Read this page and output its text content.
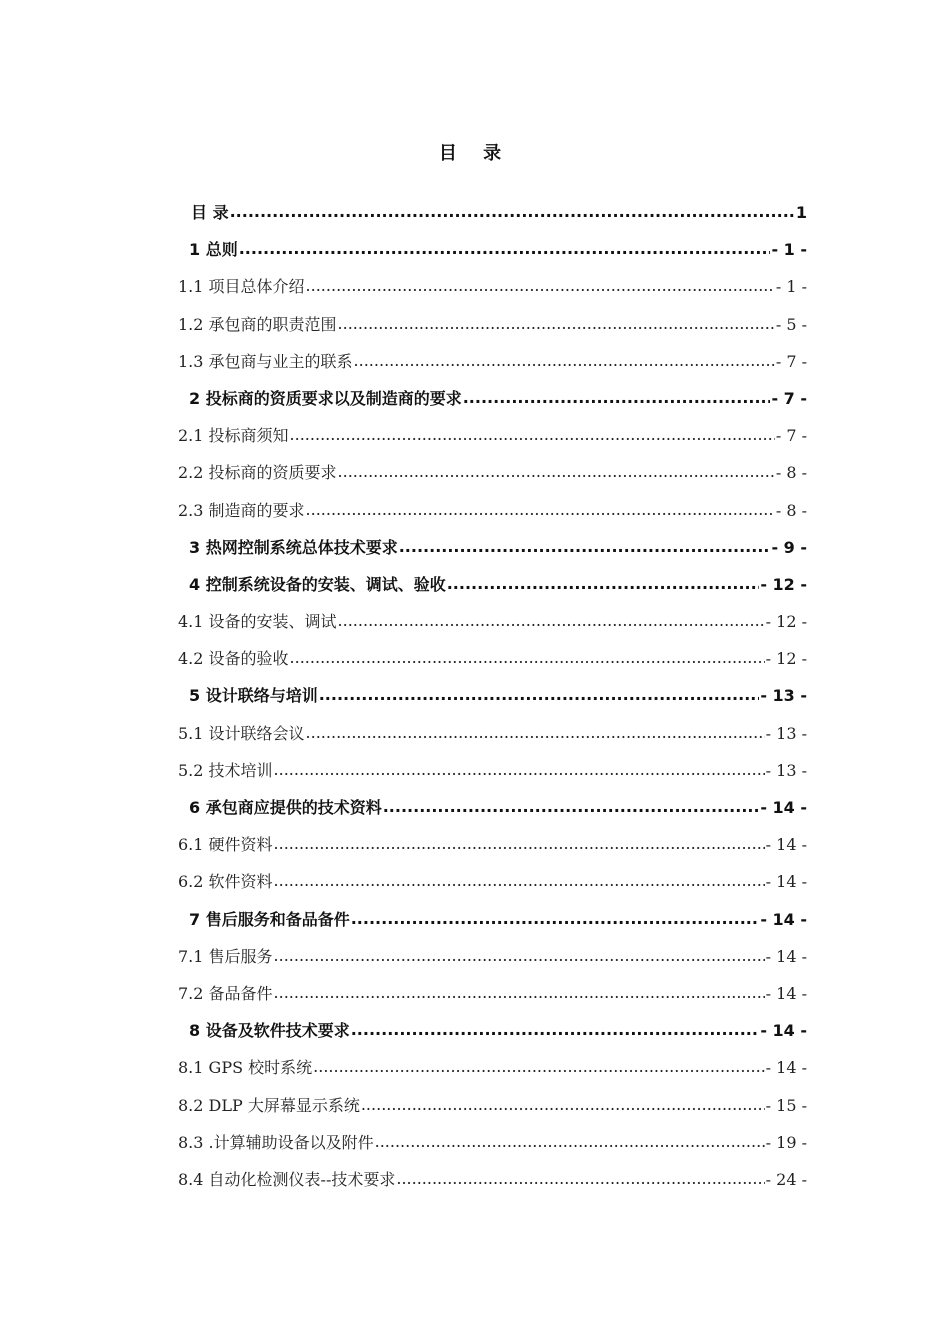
目 录
目 录 .....	1
1 总则 .....	- 1 -
1.1 项目总体介绍 .....	- 1 -
1.2 承包商的职责范围 .....	- 5 -
1.3 承包商与业主的联系 .....	- 7 -
2 投标商的资质要求以及制造商的要求 .....	- 7 -
2.1 投标商须知 .....	- 7 -
2.2 投标商的资质要求 .....	- 8 -
2.3 制造商的要求 .....	- 8 -
3 热网控制系统总体技术要求 .....	- 9 -
4 控制系统设备的安装、调试、验收 .....	- 12 -
4.1 设备的安装、调试 .....	- 12 -
4.2 设备的验收 .....	- 12 -
5 设计联络与培训 .....	- 13 -
5.1 设计联络会议 .....	- 13 -
5.2 技术培训 .....	- 13 -
6 承包商应提供的技术资料 .....	- 14 -
6.1 硬件资料 .....	- 14 -
6.2 软件资料 .....	- 14 -
7 售后服务和备品备件 .....	- 14 -
7.1 售后服务 .....	- 14 -
7.2 备品备件 .....	- 14 -
8 设备及软件技术要求 .....	- 14 -
8.1 GPS 校时系统 .....	- 14 -
8.2 DLP 大屏幕显示系统 .....	- 15 -
8.3 .计算辅助设备以及附件 .....	- 19 -
8.4 自动化检测仪表--技术要求 .....	- 24 -
